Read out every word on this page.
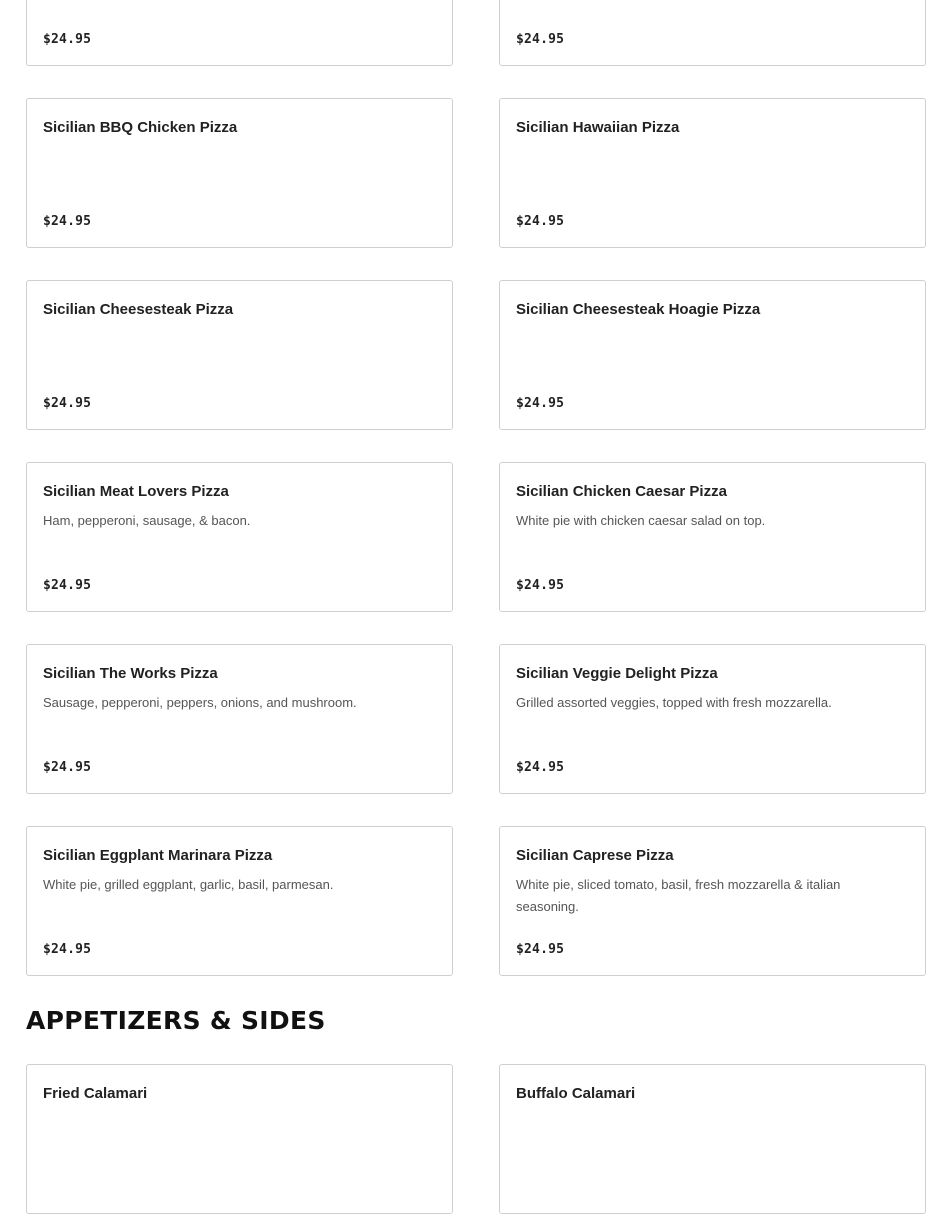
$24.95	$24.95
Sicilian BBQ Chicken Pizza
$24.95
Sicilian Hawaiian Pizza
$24.95
Sicilian Cheesesteak Pizza
$24.95
Sicilian Cheesesteak Hoagie Pizza
$24.95
Sicilian Meat Lovers Pizza
Ham, pepperoni, sausage, & bacon.
$24.95
Sicilian Chicken Caesar Pizza
White pie with chicken caesar salad on top.
$24.95
Sicilian The Works Pizza
Sausage, pepperoni, peppers, onions, and mushroom.
$24.95
Sicilian Veggie Delight Pizza
Grilled assorted veggies, topped with fresh mozzarella.
$24.95
Sicilian Eggplant Marinara Pizza
White pie, grilled eggplant, garlic, basil, parmesan.
$24.95
Sicilian Caprese Pizza
White pie, sliced tomato, basil, fresh mozzarella & italian seasoning.
$24.95
APPETIZERS & SIDES
Fried Calamari	Buffalo Calamari
